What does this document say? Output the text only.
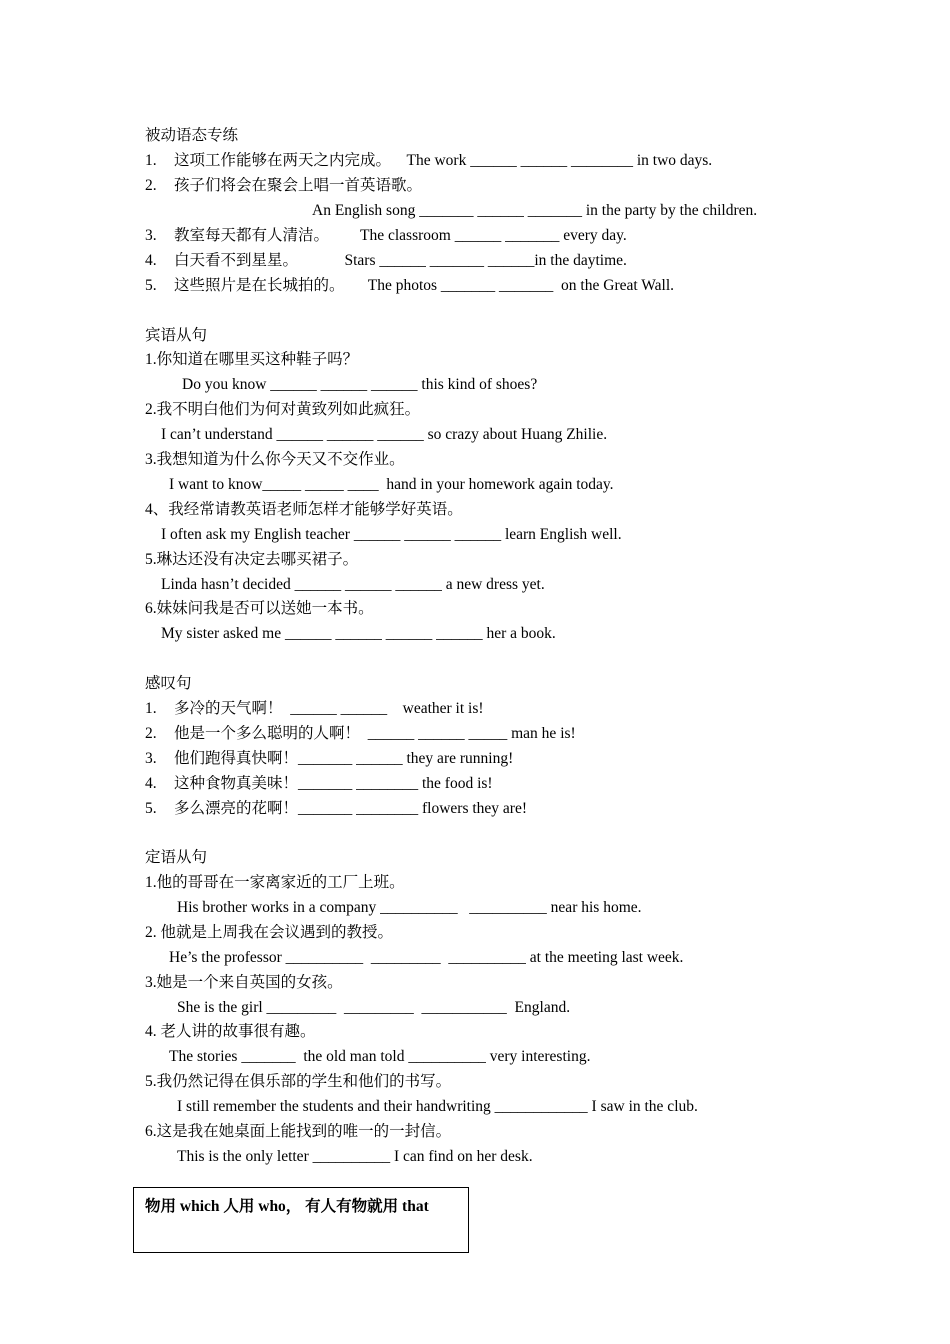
被动语态专练
1. 这项工作能够在两天之内完成。    The work ______ ______ ________ in two days.
2. 孩子们将会在聚会上唱一首英语歌。
An English song _______ ______ _______ in the party by the children.
3. 教室每天都有人清洁。        The classroom ______ _______ every day.
4. 白天看不到星星。            Stars ______ _______ ______in the daytime.
5. 这些照片是在长城拍的。      The photos _______ _______  on the Great Wall.
宾语从句
1.你知道在哪里买这种鞋子吗？
Do you know ______ ______ ______ this kind of shoes?
2.我不明白他们为何对黄致列如此疯狂。
I can’t understand ______ ______ ______ so crazy about Huang Zhilie.
3.我想知道为什么你今天又不交作业。
I want to know_____ _____ ____  hand in your homework again today.
4、我经常请教英语老师怎样才能够学好英语。
I often ask my English teacher ______ ______ ______ learn English well.
5.琳达还没有决定去哪买裙子。
Linda hasn’t decided ______ ______ ______ a new dress yet.
6.妹妹问我是否可以送她一本书。
My sister asked me ______ ______ ______ ______ her a book.
感叹句
1. 多冷的天气啊！  ______ ______    weather it is!
2. 他是一个多么聪明的人啊！  ______ ______ _____ man he is!
3. 他们跑得真快啊！_______ ______ they are running!
4. 这种食物真美味！_______ ________ the food is!
5. 多么漂亮的花啊！_______ ________ flowers they are!
定语从句
1.他的哥哥在一家离家近的工厂上班。
His brother works in a company __________   __________ near his home.
2. 他就是上周我在会议遇到的教授。
He’s the professor __________  _________  __________ at the meeting last week.
3.她是一个来自英国的女孩。
She is the girl _________  _________  ___________  England.
4. 老人讲的故事很有趣。
The stories _______  the old man told __________ very interesting.
5.我仍然记得在俱乐部的学生和他们的书写。
I still remember the students and their handwriting ____________ I saw in the club.
6.这是我在她桌面上能找到的唯一的一封信。
This is the only letter __________ I can find on her desk.
物用 which 人用 who， 有人有物就用 that
